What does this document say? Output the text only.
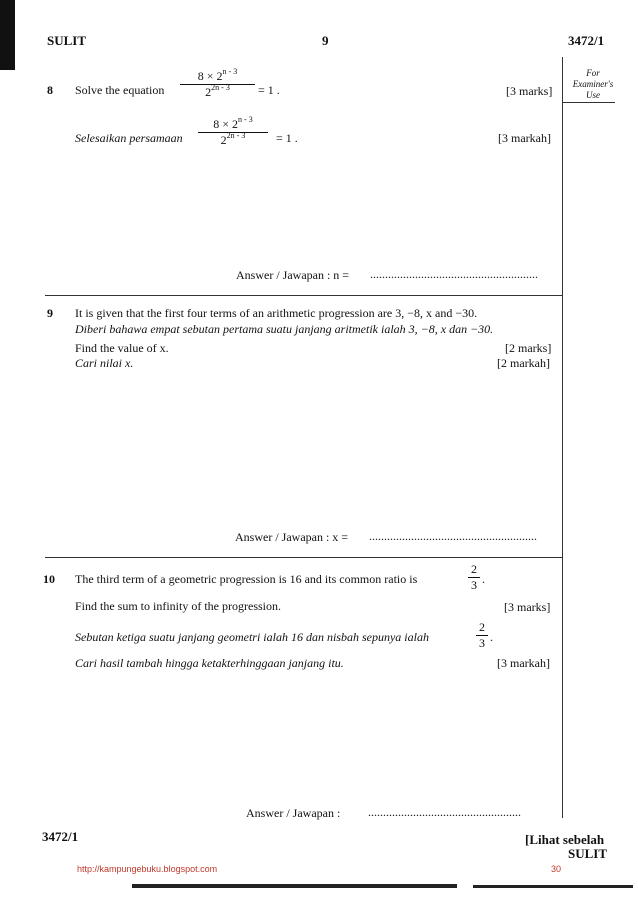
SULIT	9	3472/1
For
Examiner's
Use
8 Solve the equation
$8 \times 2^{n - 3}$
$2^{2n - 3}$	= 1 .	[3 marks]
Selesaikan persamaan
$8 \times 2^{n - 3}$
$2^{2n - 3}$	= 1 .	[3 markah]
Answer / Jawapan : n = ........................................................
9 It is given that the first four terms of an arithmetic progression are 3, −8, x and −30.
Diberi bahawa empat sebutan pertama suatu janjang aritmetik ialah 3, −8, x dan −30.
Find the value of x.	[2 marks]
Cari nilai x.	[2 markah]
Answer / Jawapan : x = ........................................................
10 The third term of a geometric progression is 16 and its common ratio is
2
3 .
Find the sum to infinity of the progression.	[3 marks]
Sebutan ketiga suatu janjang geometri ialah 16 dan nisbah sepunya ialah
2
3 .
Cari hasil tambah hingga ketakterhinggaan janjang itu.	[3 markah]
Answer / Jawapan : ...................................................
3472/1	[Lihat sebelah
SULIT
http://kampungebuku.blogspot.com	30
